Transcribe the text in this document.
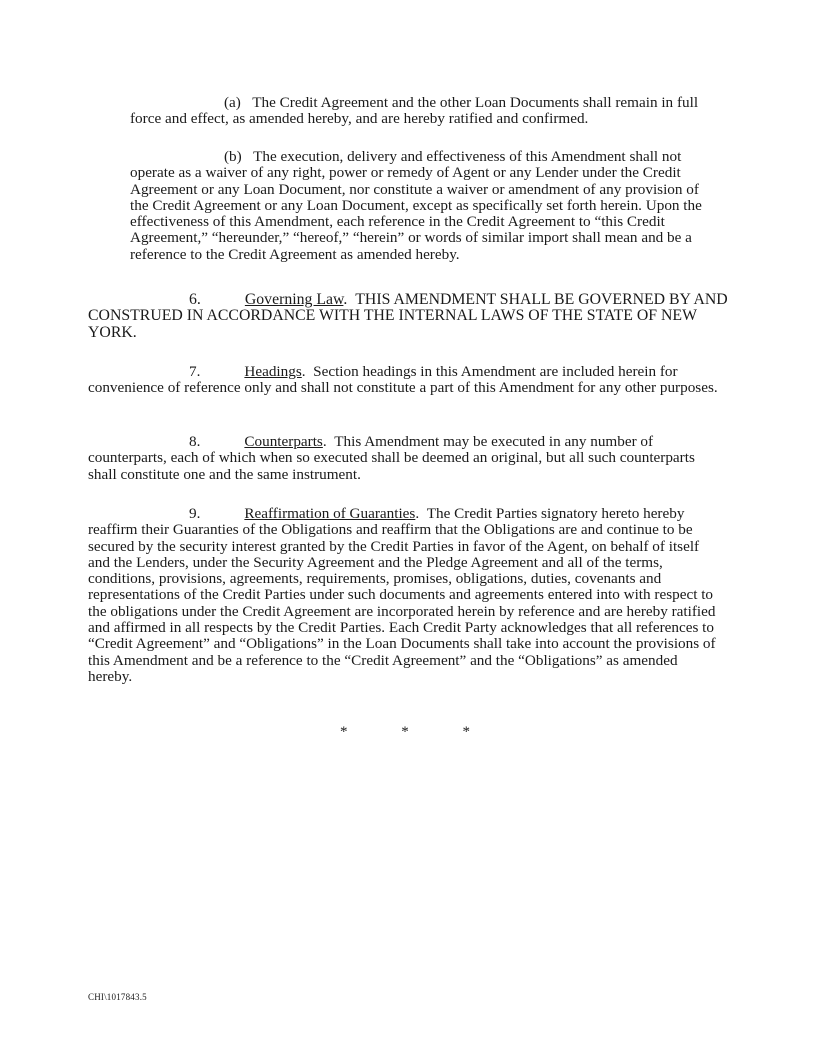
(a) The Credit Agreement and the other Loan Documents shall remain in full force and effect, as amended hereby, and are hereby ratified and confirmed.

(b) The execution, delivery and effectiveness of this Amendment shall not operate as a waiver of any right, power or remedy of Agent or any Lender under the Credit Agreement or any Loan Document, nor constitute a waiver or amendment of any provision of the Credit Agreement or any Loan Document, except as specifically set forth herein. Upon the effectiveness of this Amendment, each reference in the Credit Agreement to “this Credit Agreement,” “hereunder,” “hereof,” “herein” or words of similar import shall mean and be a reference to the Credit Agreement as amended hereby.

6.	Governing Law.  THIS AMENDMENT SHALL BE GOVERNED BY AND CONSTRUED IN ACCORDANCE WITH THE INTERNAL LAWS OF THE STATE OF NEW YORK.

7.	Headings.  Section headings in this Amendment are included herein for convenience of reference only and shall not constitute a part of this Amendment for any other purposes.

8.	Counterparts.  This Amendment may be executed in any number of counterparts, each of which when so executed shall be deemed an original, but all such counterparts shall constitute one and the same instrument.

9.	Reaffirmation of Guaranties.  The Credit Parties signatory hereto hereby reaffirm their Guaranties of the Obligations and reaffirm that the Obligations are and continue to be secured by the security interest granted by the Credit Parties in favor of the Agent, on behalf of itself and the Lenders, under the Security Agreement and the Pledge Agreement and all of the terms, conditions, provisions, agreements, requirements, promises, obligations, duties, covenants and representations of the Credit Parties under such documents and agreements entered into with respect to the obligations under the Credit Agreement are incorporated herein by reference and are hereby ratified and affirmed in all respects by the Credit Parties. Each Credit Party acknowledges that all references to “Credit Agreement” and “Obligations” in the Loan Documents shall take into account the provisions of this Amendment and be a reference to the “Credit Agreement” and the “Obligations” as amended hereby.

*	*	*
CHI\1017843.5
